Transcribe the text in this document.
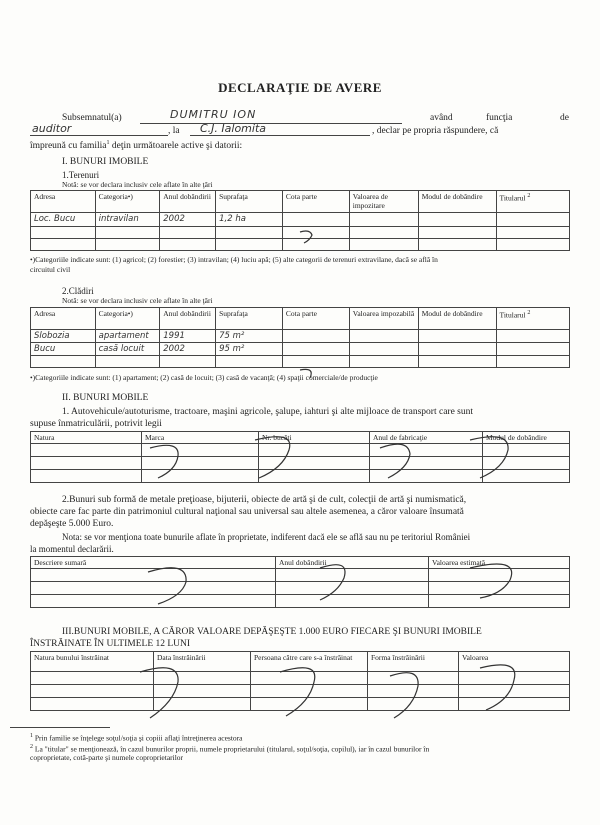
DECLARAŢIE DE AVERE
Subsemnatul(a)	DUMITRU ION	având	funcţia	de
auditor	, la C.J. Ialomita	, declar pe propria răspundere, că
împreună cu familia$^1$ deţin următoarele active şi datorii:
I. BUNURI IMOBILE
1.Terenuri
Notă: se vor declara inclusiv cele aflate în alte ţări
Adresa	Categoria•)	Anul dobândirii	Suprafaţa	Cota parte	Valoarea de impozitare	Modul de dobândire	Titularul $^2$
Loc. Bucu	intravilan	2002	1,2 ha				

•)Categoriile indicate sunt: (1) agricol; (2) forestier; (3) intravilan; (4) luciu apă; (5) alte categorii de terenuri extravilane, dacă se află în
circuitul civil
2.Clădiri
Notă: se vor declara inclusiv cele aflate în alte ţări
Adresa	Categoria•)	Anul dobândirii	Suprafaţa	Cota parte	Valoarea impozabilă	Modul de dobândire	Titularul $^2$
Slobozia	apartament	1991	75 m²				
Bucu	casă locuit	2002	95 m²				

•)Categoriile indicate sunt: (1) apartament; (2) casă de locuit; (3) casă de vacanţă; (4) spaţii comerciale/de producţie
II. BUNURI MOBILE
1. Autovehicule/autoturisme, tractoare, maşini agricole, şalupe, iahturi şi alte mijloace de transport care sunt
supuse înmatriculării, potrivit legii
Natura	Marca	Nr. bucăţi	Anul de fabricaţie	Modul de dobândire

2.Bunuri sub formă de metale preţioase, bijuterii, obiecte de artă şi de cult, colecţii de artă şi numismatică,
obiecte care fac parte din patrimoniul cultural naţional sau universal sau altele asemenea, a căror valoare însumată
depăşeşte 5.000 Euro.
Nota: se vor menţiona toate bunurile aflate în proprietate, indiferent dacă ele se află sau nu pe teritoriul României
la momentul declarării.
Descriere sumară	Anul dobândirii	Valoarea estimată

III.BUNURI MOBILE, A CĂROR VALOARE DEPĂŞEŞTE 1.000 EURO FIECARE ŞI BUNURI IMOBILE
ÎNSTRĂINATE ÎN ULTIMELE 12 LUNI
Natura bunului înstrăinat	Data înstrăinării	Persoana către care s-a înstrăinat	Forma înstrăinării	Valoarea

$^1$ Prin familie se înţelege soţul/soţia şi copiii aflaţi întreţinerea acestora
$^2$ La "titular" se menţionează, în cazul bunurilor proprii, numele proprietarului (titularul, soţul/soţia, copilul), iar în cazul bunurilor în
coproprietate, cotă-parte şi numele coproprietarilor
